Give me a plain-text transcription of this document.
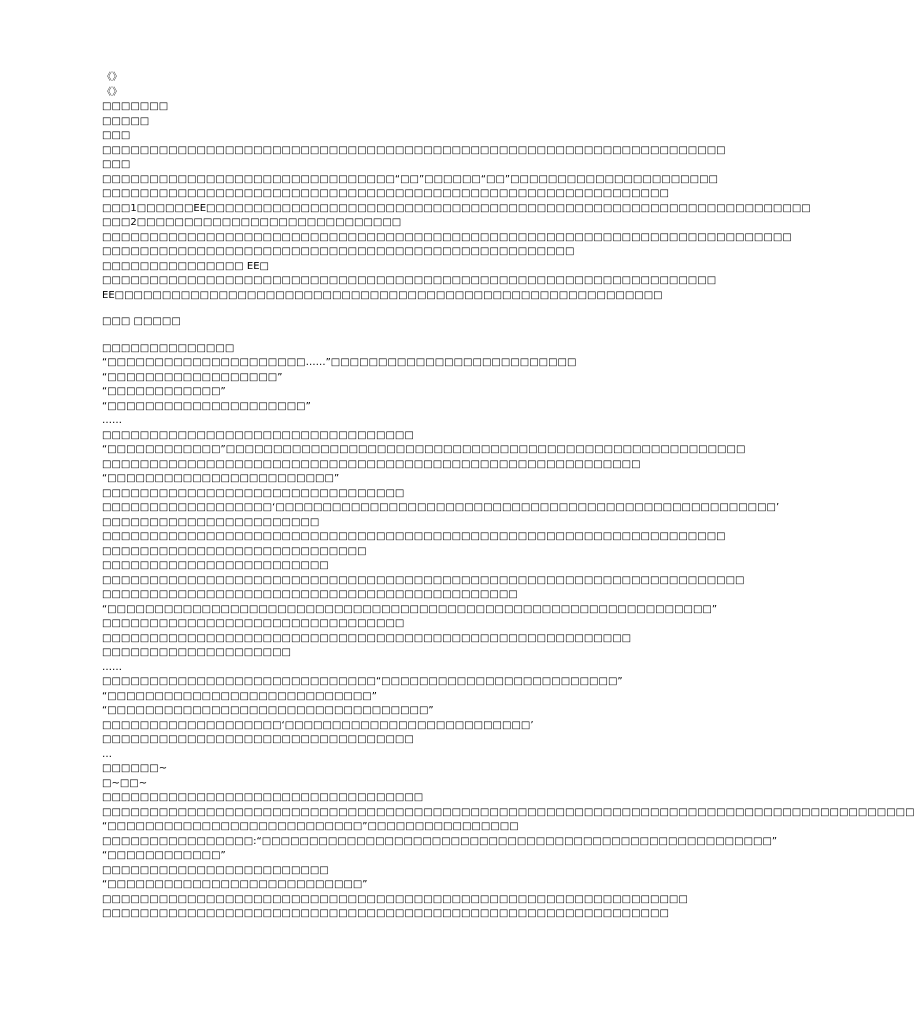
《》
《》
□□□□□□□
□□□□□
□□□
□□□□□□□□□□□□□□□□□□□□□□□□□□□□□□□□□□□□□□□□□□□□□□□□□□□□□□□□□□□□□□□□□□
□□□
□□□□□□□□□□□□□□□□□□□□□□□□□□□□□□□“□□”□□□□□□“□□”□□□□□□□□□□□□□□□□□□□□□□
□□□□□□□□□□□□□□□□□□□□□□□□□□□□□□□□□□□□□□□□□□□□□□□□□□□□□□□□□□□□
□□□1□□□□□□EE□□□□□□□□□□□□□□□□□□□□□□□□□□□□□□□□□□□□□□□□□□□□□□□□□□□□□□□□□□□□□□□□
□□□2□□□□□□□□□□□□□□□□□□□□□□□□□□□□
□□□□□□□□□□□□□□□□□□□□□□□□□□□□□□□□□□□□□□□□□□□□□□□□□□□□□□□□□□□□□□□□□□□□□□□□□
□□□□□□□□□□□□□□□□□□□□□□□□□□□□□□□□□□□□□□□□□□□□□□□□□□
□□□□□□□□□□□□□□□ EE□
□□□□□□□□□□□□□□□□□□□□□□□□□□□□□□□□□□□□□□□□□□□□□□□□□□□□□□□□□□□□□□□□□
EE□□□□□□□□□□□□□□□□□□□□□□□□□□□□□□□□□□□□□□□□□□□□□□□□□□□□□□□□□□
□□□ □□□□□
□□□□□□□□□□□□□□
“□□□□□□□□□□□□□□□□□□□□□……”□□□□□□□□□□□□□□□□□□□□□□□□□□
“□□□□□□□□□□□□□□□□□□”
“□□□□□□□□□□□□”
“□□□□□□□□□□□□□□□□□□□□□”
……
□□□□□□□□□□□□□□□□□□□□□□□□□□□□□□□□□
“□□□□□□□□□□□□”□□□□□□□□□□□□□□□□□□□□□□□□□□□□□□□□□□□□□□□□□□□□□□□□□□□□□□□
□□□□□□□□□□□□□□□□□□□□□□□□□□□□□□□□□□□□□□□□□□□□□□□□□□□□□□□□□
“□□□□□□□□□□□□□□□□□□□□□□□□”
□□□□□□□□□□□□□□□□□□□□□□□□□□□□□□□□
□□□□□□□□□□□□□□□□□□‘□□□□□□□□□□□□□□□□□□□□□□□□□□□□□□□□□□□□□□□□□□□□□□□□□□□□□’
□□□□□□□□□□□□□□□□□□□□□□□
□□□□□□□□□□□□□□□□□□□□□□□□□□□□□□□□□□□□□□□□□□□□□□□□□□□□□□□□□□□□□□□□□□
□□□□□□□□□□□□□□□□□□□□□□□□□□□□
□□□□□□□□□□□□□□□□□□□□□□□□
□□□□□□□□□□□□□□□□□□□□□□□□□□□□□□□□□□□□□□□□□□□□□□□□□□□□□□□□□□□□□□□□□□□□
□□□□□□□□□□□□□□□□□□□□□□□□□□□□□□□□□□□□□□□□□□□□
“□□□□□□□□□□□□□□□□□□□□□□□□□□□□□□□□□□□□□□□□□□□□□□□□□□□□□□□□□□□□□□□□”
□□□□□□□□□□□□□□□□□□□□□□□□□□□□□□□□
□□□□□□□□□□□□□□□□□□□□□□□□□□□□□□□□□□□□□□□□□□□□□□□□□□□□□□□□
□□□□□□□□□□□□□□□□□□□□
……
□□□□□□□□□□□□□□□□□□□□□□□□□□□□□“□□□□□□□□□□□□□□□□□□□□□□□□□”
“□□□□□□□□□□□□□□□□□□□□□□□□□□□□”
“□□□□□□□□□□□□□□□□□□□□□□□□□□□□□□□□□□”
□□□□□□□□□□□□□□□□□□□‘□□□□□□□□□□□□□□□□□□□□□□□□□□’
□□□□□□□□□□□□□□□□□□□□□□□□□□□□□□□□□
…
□□□□□□~
□~□□~
□□□□□□□□□□□□□□□□□□□□□□□□□□□□□□□□□□
□□□□□□□□□□□□□□□□□□□□□□□□□□□□□□□□□□□□□□□□□□□□□□□□□□□□□□□□□□□□□□□□□□□□□□□□□□□□□□□□□□□□□□
“□□□□□□□□□□□□□□□□□□□□□□□□□□□”□□□□□□□□□□□□□□□□
□□□□□□□□□□□□□□□□:“□□□□□□□□□□□□□□□□□□□□□□□□□□□□□□□□□□□□□□□□□□□□□□□□□□□□□□”
“□□□□□□□□□□□□”
□□□□□□□□□□□□□□□□□□□□□□□□
“□□□□□□□□□□□□□□□□□□□□□□□□□□□”
□□□□□□□□□□□□□□□□□□□□□□□□□□□□□□□□□□□□□□□□□□□□□□□□□□□□□□□□□□□□□□
□□□□□□□□□□□□□□□□□□□□□□□□□□□□□□□□□□□□□□□□□□□□□□□□□□□□□□□□□□□□
